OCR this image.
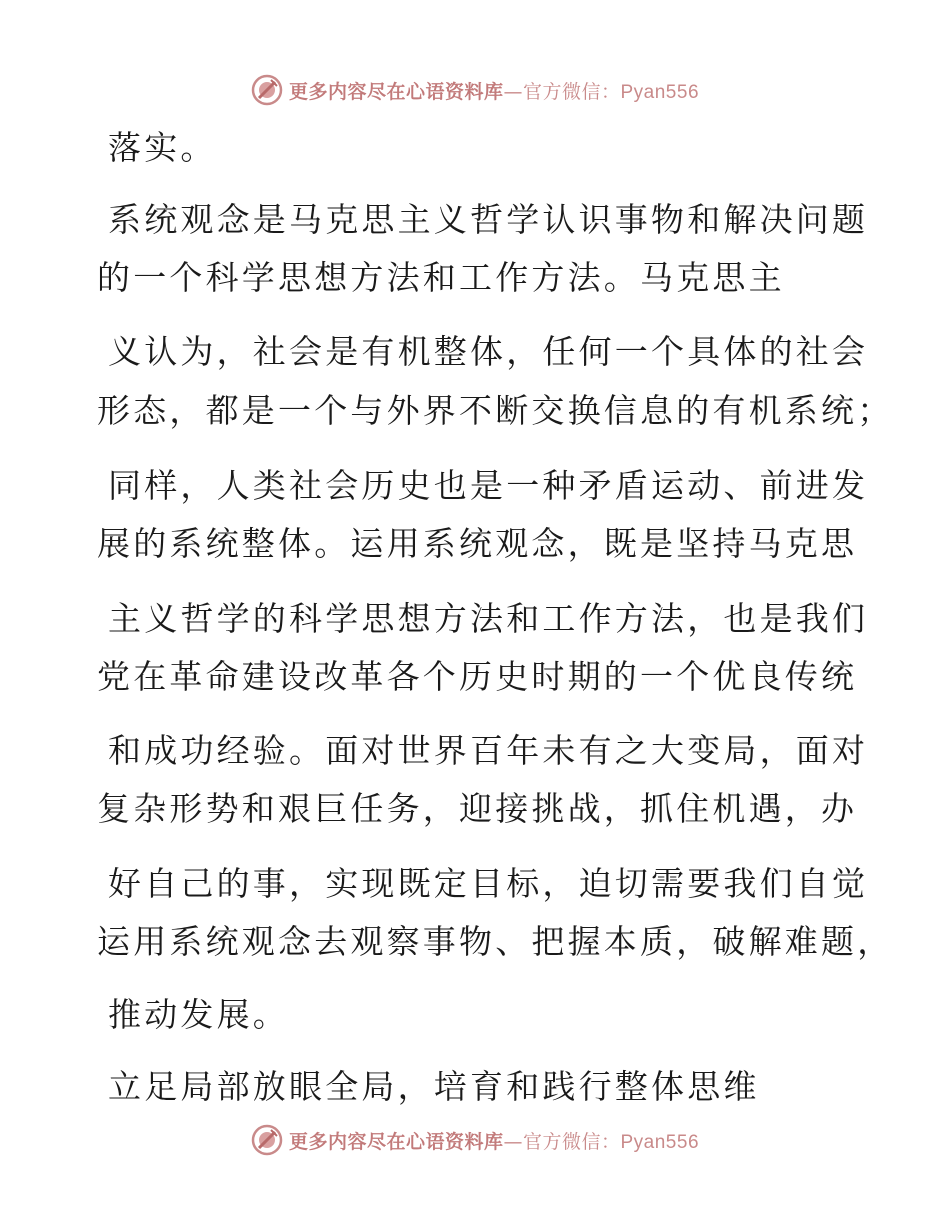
更多内容尽在心语资料库—官方微信：Pyan556
落实。
系统观念是马克思主义哲学认识事物和解决问题
的一个科学思想方法和工作方法。马克思主
义认为，社会是有机整体，任何一个具体的社会
形态，都是一个与外界不断交换信息的有机系统；
同样，人类社会历史也是一种矛盾运动、前进发
展的系统整体。运用系统观念，既是坚持马克思
主义哲学的科学思想方法和工作方法，也是我们
党在革命建设改革各个历史时期的一个优良传统
和成功经验。面对世界百年未有之大变局，面对
复杂形势和艰巨任务，迎接挑战，抓住机遇，办
好自己的事，实现既定目标，迫切需要我们自觉
运用系统观念去观察事物、把握本质，破解难题，
推动发展。
立足局部放眼全局，培育和践行整体思维
更多内容尽在心语资料库—官方微信：Pyan556
